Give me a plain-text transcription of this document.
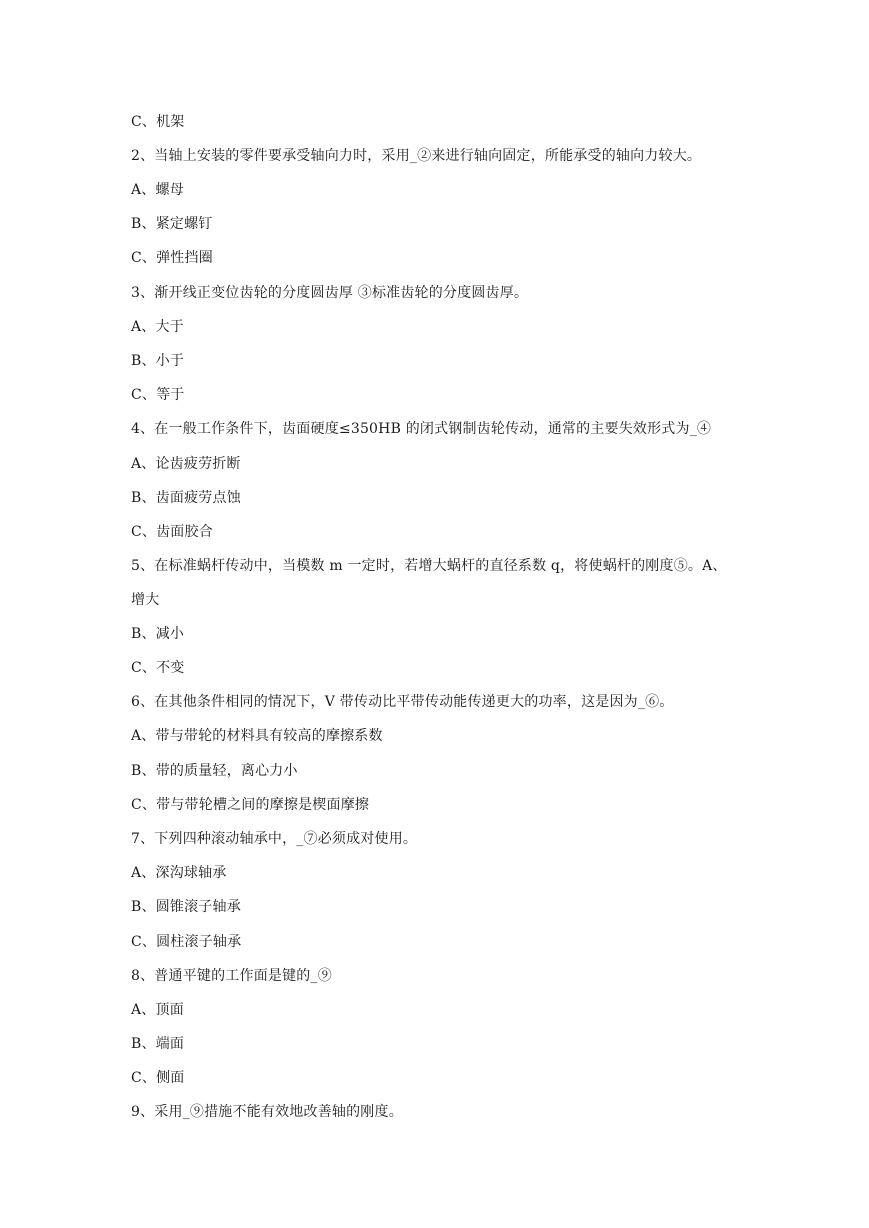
C、机架
2、当轴上安装的零件要承受轴向力时，采用_②来进行轴向固定，所能承受的轴向力较大。
A、螺母
B、紧定螺钉
C、弹性挡圈
3、渐开线正变位齿轮的分度圆齿厚 ③标准齿轮的分度圆齿厚。
A、大于
B、小于
C、等于
4、在一般工作条件下，齿面硬度≤350HB 的闭式钢制齿轮传动，通常的主要失效形式为_④
A、论齿疲劳折断
B、齿面疲劳点蚀
C、齿面胶合
5、在标准蜗杆传动中，当模数 m 一定时，若增大蜗杆的直径系数 q，将使蜗杆的刚度⑤。A、
增大
B、减小
C、不变
6、在其他条件相同的情况下，V 带传动比平带传动能传递更大的功率，这是因为_⑥。
A、带与带轮的材料具有较高的摩擦系数
B、带的质量轻，离心力小
C、带与带轮槽之间的摩擦是楔面摩擦
7、下列四种滚动轴承中，_⑦必须成对使用。
A、深沟球轴承
B、圆锥滚子轴承
C、圆柱滚子轴承
8、普通平键的工作面是键的_⑨
A、顶面
B、端面
C、侧面
9、采用_⑨措施不能有效地改善轴的刚度。
